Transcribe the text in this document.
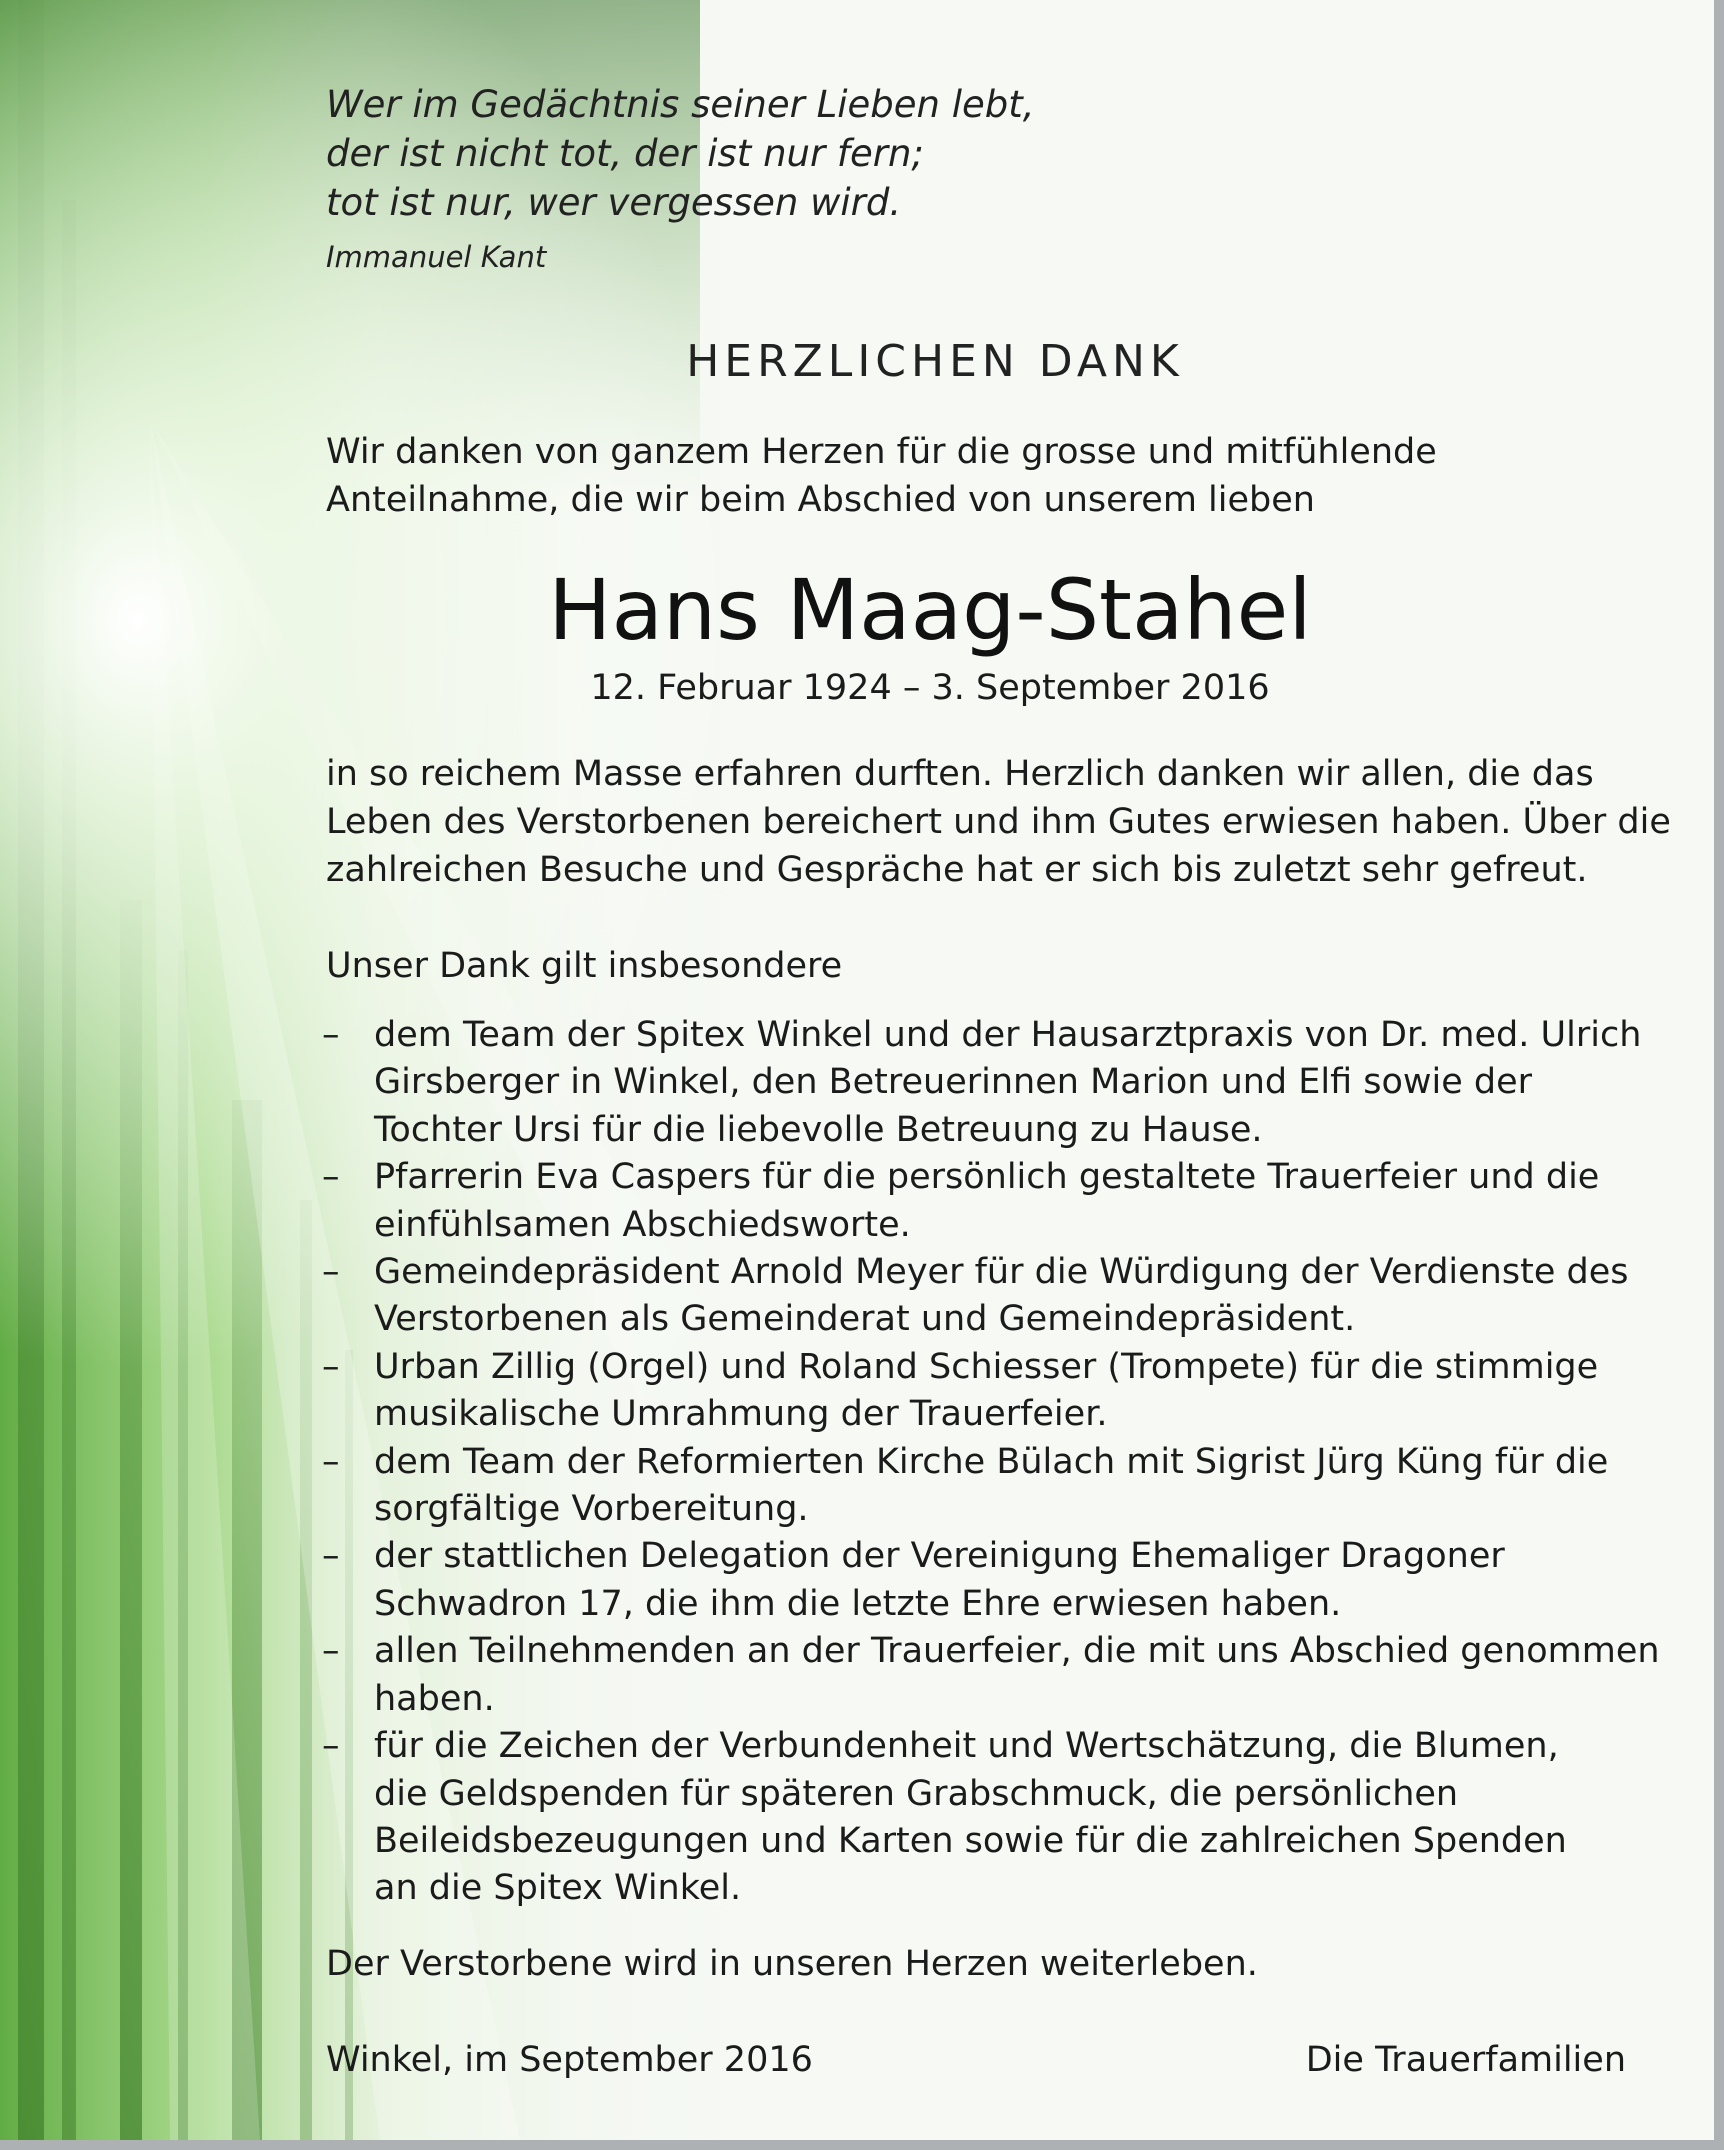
Wer im Gedächtnis seiner Lieben lebt,
der ist nicht tot, der ist nur fern;
tot ist nur, wer vergessen wird.
Immanuel Kant
HERZLICHEN DANK
Wir danken von ganzem Herzen für die grosse und mitfühlende
Anteilnahme, die wir beim Abschied von unserem lieben
Hans Maag-Stahel
12. Februar 1924 – 3. September 2016
in so reichem Masse erfahren durften. Herzlich danken wir allen, die das
Leben des Verstorbenen bereichert und ihm Gutes erwiesen haben. Über die
zahlreichen Besuche und Gespräche hat er sich bis zuletzt sehr gefreut.
Unser Dank gilt insbesondere
– dem Team der Spitex Winkel und der Hausarztpraxis von Dr. med. Ulrich
Girsberger in Winkel, den Betreuerinnen Marion und Elfi sowie der
Tochter Ursi für die liebevolle Betreuung zu Hause.
– Pfarrerin Eva Caspers für die persönlich gestaltete Trauerfeier und die
einfühlsamen Abschiedsworte.
– Gemeindepräsident Arnold Meyer für die Würdigung der Verdienste des
Verstorbenen als Gemeinderat und Gemeindepräsident.
– Urban Zillig (Orgel) und Roland Schiesser (Trompete) für die stimmige
musikalische Umrahmung der Trauerfeier.
– dem Team der Reformierten Kirche Bülach mit Sigrist Jürg Küng für die
sorgfältige Vorbereitung.
– der stattlichen Delegation der Vereinigung Ehemaliger Dragoner
Schwadron 17, die ihm die letzte Ehre erwiesen haben.
– allen Teilnehmenden an der Trauerfeier, die mit uns Abschied genommen
haben.
– für die Zeichen der Verbundenheit und Wertschätzung, die Blumen,
die Geldspenden für späteren Grabschmuck, die persönlichen
Beileidsbezeugungen und Karten sowie für die zahlreichen Spenden
an die Spitex Winkel.
Der Verstorbene wird in unseren Herzen weiterleben.
Winkel, im September 2016	Die Trauerfamilien
